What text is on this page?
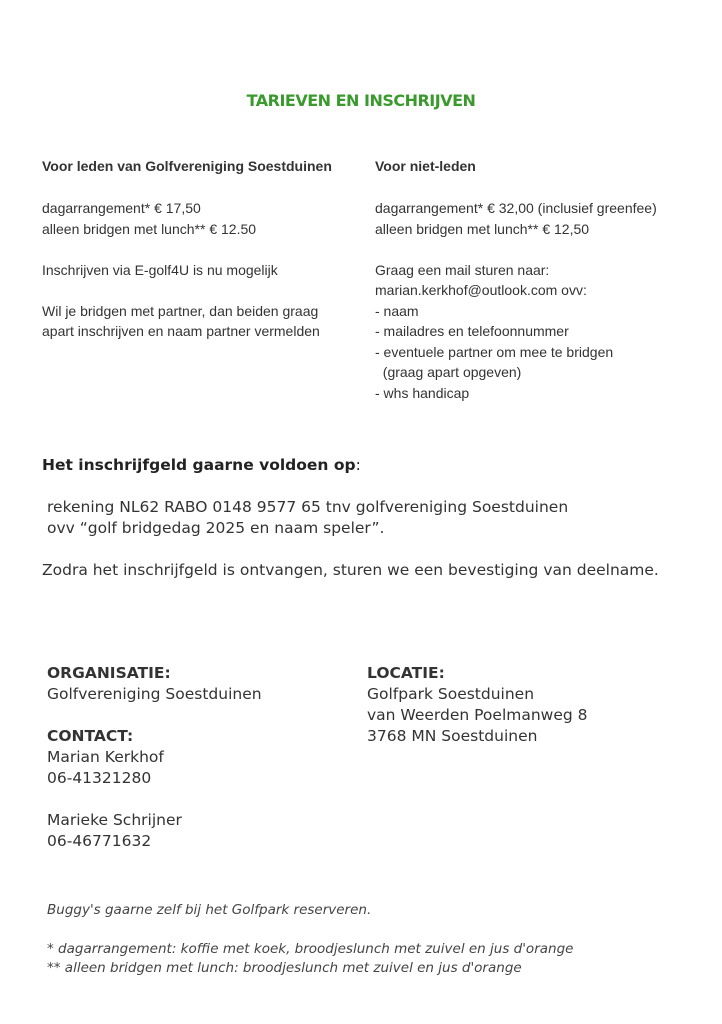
TARIEVEN EN INSCHRIJVEN
Voor leden van Golfvereniging Soestduinen
dagarrangement* € 17,50
alleen bridgen met lunch** € 12.50
Inschrijven via E-golf4U is nu mogelijk
Wil je bridgen met partner, dan beiden graag
apart inschrijven en naam partner vermelden
Voor niet-leden
dagarrangement* € 32,00 (inclusief greenfee)
alleen bridgen met lunch** € 12,50
Graag een mail sturen naar:
marian.kerkhof@outlook.com ovv:
- naam
- mailadres en telefoonnummer
- eventuele partner om mee te bridgen
(graag apart opgeven)
- whs handicap
Het inschrijfgeld gaarne voldoen op:
rekening NL62 RABO 0148 9577 65 tnv golfvereniging Soestduinen
ovv “golf bridgedag 2025 en naam speler”.
Zodra het inschrijfgeld is ontvangen, sturen we een bevestiging van deelname.
ORGANISATIE:
Golfvereniging Soestduinen
CONTACT:
Marian Kerkhof
06-41321280
Marieke Schrijner
06-46771632
LOCATIE:
Golfpark Soestduinen
van Weerden Poelmanweg 8
3768 MN Soestduinen
Buggy's gaarne zelf bij het Golfpark reserveren.
* dagarrangement: koffie met koek, broodjeslunch met zuivel en jus d'orange
** alleen bridgen met lunch: broodjeslunch met zuivel en jus d'orange
